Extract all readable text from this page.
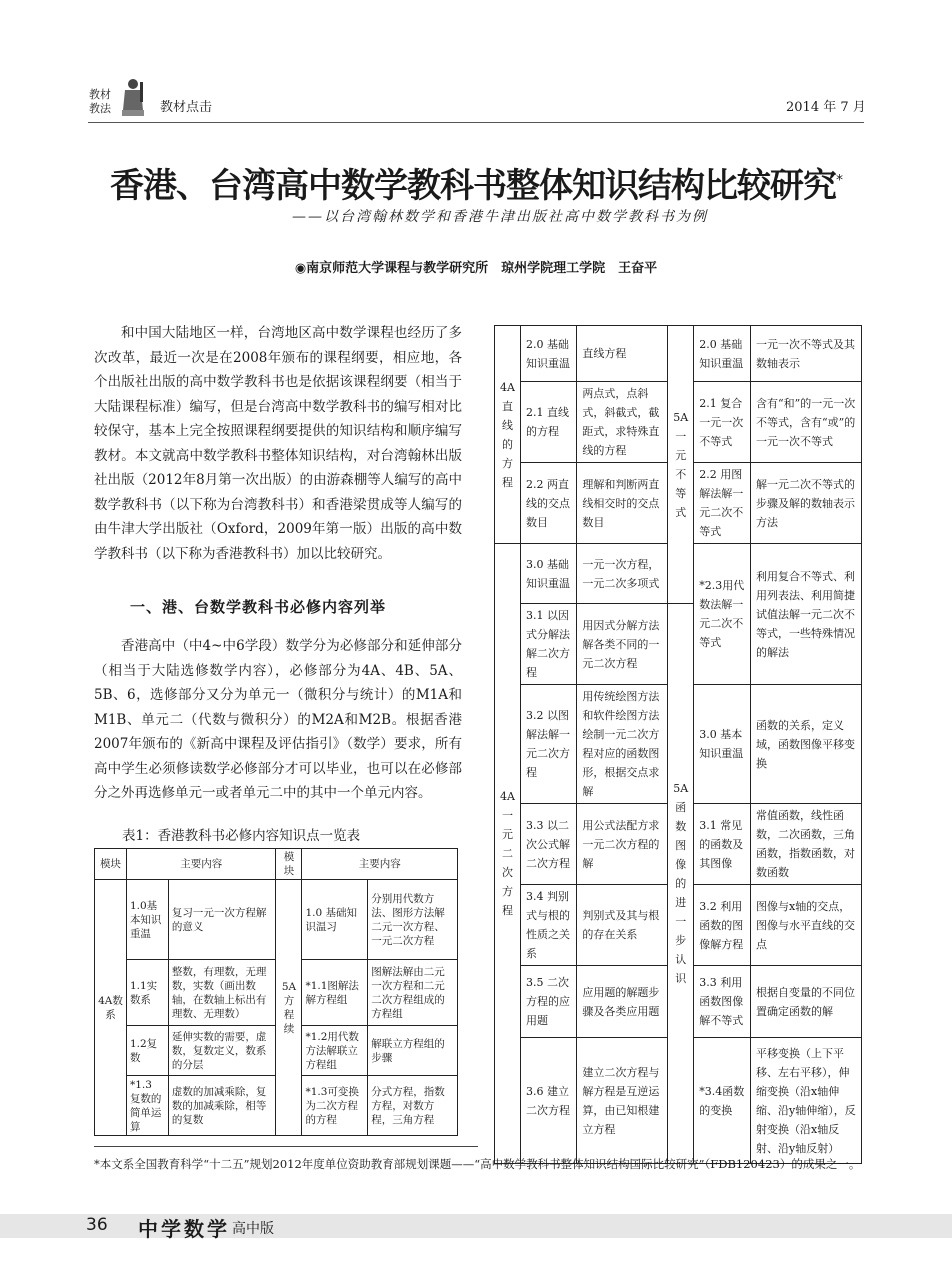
教材教法	教材点击	2014 年 7 月
香港、台湾高中数学教科书整体知识结构比较研究*
——以台湾翰林数学和香港牛津出版社高中数学教科书为例
◉南京师范大学课程与教学研究所　琼州学院理工学院　王奋平
和中国大陆地区一样，台湾地区高中数学课程也经历了多次改革，最近一次是在2008年颁布的课程纲要，相应地，各个出版社出版的高中数学教科书也是依据该课程纲要（相当于大陆课程标准）编写，但是台湾高中数学教科书的编写相对比较保守，基本上完全按照课程纲要提供的知识结构和顺序编写教材。本文就高中数学教科书整体知识结构，对台湾翰林出版社出版（2012年8月第一次出版）的由游森棚等人编写的高中数学教科书（以下称为台湾教科书）和香港梁贯成等人编写的由牛津大学出版社（Oxford，2009年第一版）出版的高中数学教科书（以下称为香港教科书）加以比较研究。
一、港、台数学教科书必修内容列举
香港高中（中4~中6学段）数学分为必修部分和延伸部分（相当于大陆选修数学内容），必修部分为4A、4B、5A、5B、6，选修部分又分为单元一（微积分与统计）的M1A和M1B、单元二（代数与微积分）的M2A和M2B。根据香港2007年颁布的《新高中课程及评估指引》（数学）要求，所有高中学生必须修读数学必修部分才可以毕业，也可以在必修部分之外再选修单元一或者单元二中的其中一个单元内容。
表1：香港教科书必修内容知识点一览表
模块	主要内容		模块	主要内容	
4A数系	1.0基本知识重温	复习一元一次方程解的意义	5A方程续	1.0 基础知识温习	分别用代数方法、图形方法解二元一次方程、一元二次方程
	1.1实数系	整数，有理数，无理数，实数（画出数轴，在数轴上标出有理数、无理数）		*1.1图解法解方程组	图解法解由二元一次方程和二元二次方程组成的方程组
	1.2复数	延伸实数的需要，虚数，复数定义，数系的分层		*1.2用代数方法解联立方程组	解联立方程组的步骤
	*1.3 复数的简单运算	虚数的加减乘除，复数的加减乘除，相等的复数		*1.3可变换为二次方程的方程	分式方程，指数方程，对数方程，三角方程
4A直线的方程	2.0 基础知识重温	直线方程	5A一元不等式	2.0 基础知识重温	一元一次不等式及其数轴表示
	2.1 直线的方程	两点式，点斜式，斜截式，截距式，求特殊直线的方程		2.1 复合一元一次不等式	含有“和”的一元一次不等式，含有“或”的一元一次不等式
	2.2 两直线的交点数目	理解和判断两直线相交时的交点数目		2.2 用图解法解一元二次不等式	解一元二次不等式的步骤及解的数轴表示方法
4A一元二次方程	3.0 基础知识重温	一元一次方程，一元二次多项式		*2.3用代数法解一元二次不等式	利用复合不等式、利用列表法、利用简捷试值法解一元二次不等式，一些特殊情况的解法
	3.1 以因式分解法解二次方程	用因式分解方法解各类不同的一元二次方程	5A函数图像的进一步认识		
	3.2 以图解法解一元二次方程	用传统绘图方法和软件绘图方法绘制一元二次方程对应的函数图形，根据交点求解		3.0 基本知识重温	函数的关系，定义域，函数图像平移变换
	3.3 以二次公式解二次方程	用公式法配方求一元二次方程的解		3.1 常见的函数及其图像	常值函数，线性函数，二次函数，三角函数，指数函数，对数函数
	3.4 判别式与根的性质之关系	判别式及其与根的存在关系		3.2 利用函数的图像解方程	图像与x轴的交点，图像与水平直线的交点
	3.5 二次方程的应用题	应用题的解题步骤及各类应用题		3.3 利用函数图像解不等式	根据自变量的不同位置确定函数的解
	3.6 建立二次方程	建立二次方程与解方程是互逆运算，由已知根建立方程		*3.4函数的变换	平移变换（上下平移、左右平移），伸缩变换（沿x轴伸缩、沿y轴伸缩），反射变换（沿x轴反射、沿y轴反射）
*本文系全国教育科学“十二五”规划2012年度单位资助教育部规划课题——“高中数学教科书整体知识结构国际比较研究”（FDB120423）的成果之一。
36 中学数学 高中版
